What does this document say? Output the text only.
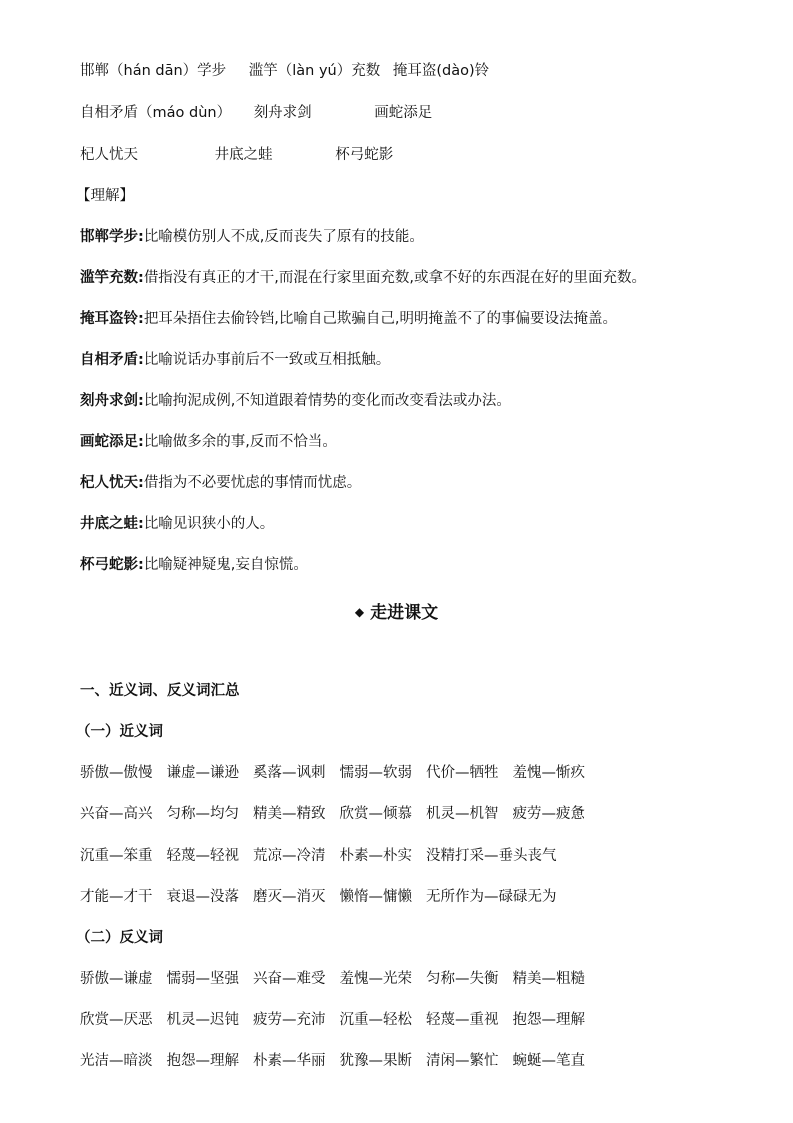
邯郸（hán dān）学步 滥竽（làn yú）充数 掩耳盗(dào)铃
自相矛盾（máo dùn） 刻舟求剑	画蛇添足
杞人忧天	井底之蛙	杯弓蛇影
【理解】
邯郸学步:比喻模仿别人不成,反而丧失了原有的技能。
滥竽充数:借指没有真正的才干,而混在行家里面充数,或拿不好的东西混在好的里面充数。
掩耳盗铃:把耳朵捂住去偷铃铛,比喻自己欺骗自己,明明掩盖不了的事偏要设法掩盖。
自相矛盾:比喻说话办事前后不一致或互相抵触。
刻舟求剑:比喻拘泥成例,不知道跟着情势的变化而改变看法或办法。
画蛇添足:比喻做多余的事,反而不恰当。
杞人忧天:借指为不必要忧虑的事情而忧虑。
井底之蛙:比喻见识狭小的人。
杯弓蛇影:比喻疑神疑鬼,妄自惊慌。
◆ 走进课文
一、近义词、反义词汇总
（一）近义词
骄傲—傲慢 谦虚—谦逊 奚落—讽刺 懦弱—软弱 代价—牺牲 羞愧—惭疚
兴奋—高兴 匀称—均匀 精美—精致 欣赏—倾慕 机灵—机智 疲劳—疲惫
沉重—笨重 轻蔑—轻视 荒凉—冷清 朴素—朴实 没精打采—垂头丧气
才能—才干 衰退—没落 磨灭—消灭 懒惰—慵懒 无所作为—碌碌无为
（二）反义词
骄傲—谦虚 懦弱—坚强 兴奋—难受 羞愧—光荣 匀称—失衡 精美—粗糙
欣赏—厌恶 机灵—迟钝 疲劳—充沛 沉重—轻松 轻蔑—重视 抱怨—理解
光洁—暗淡 抱怨—理解 朴素—华丽 犹豫—果断 清闲—繁忙 蜿蜒—笔直
